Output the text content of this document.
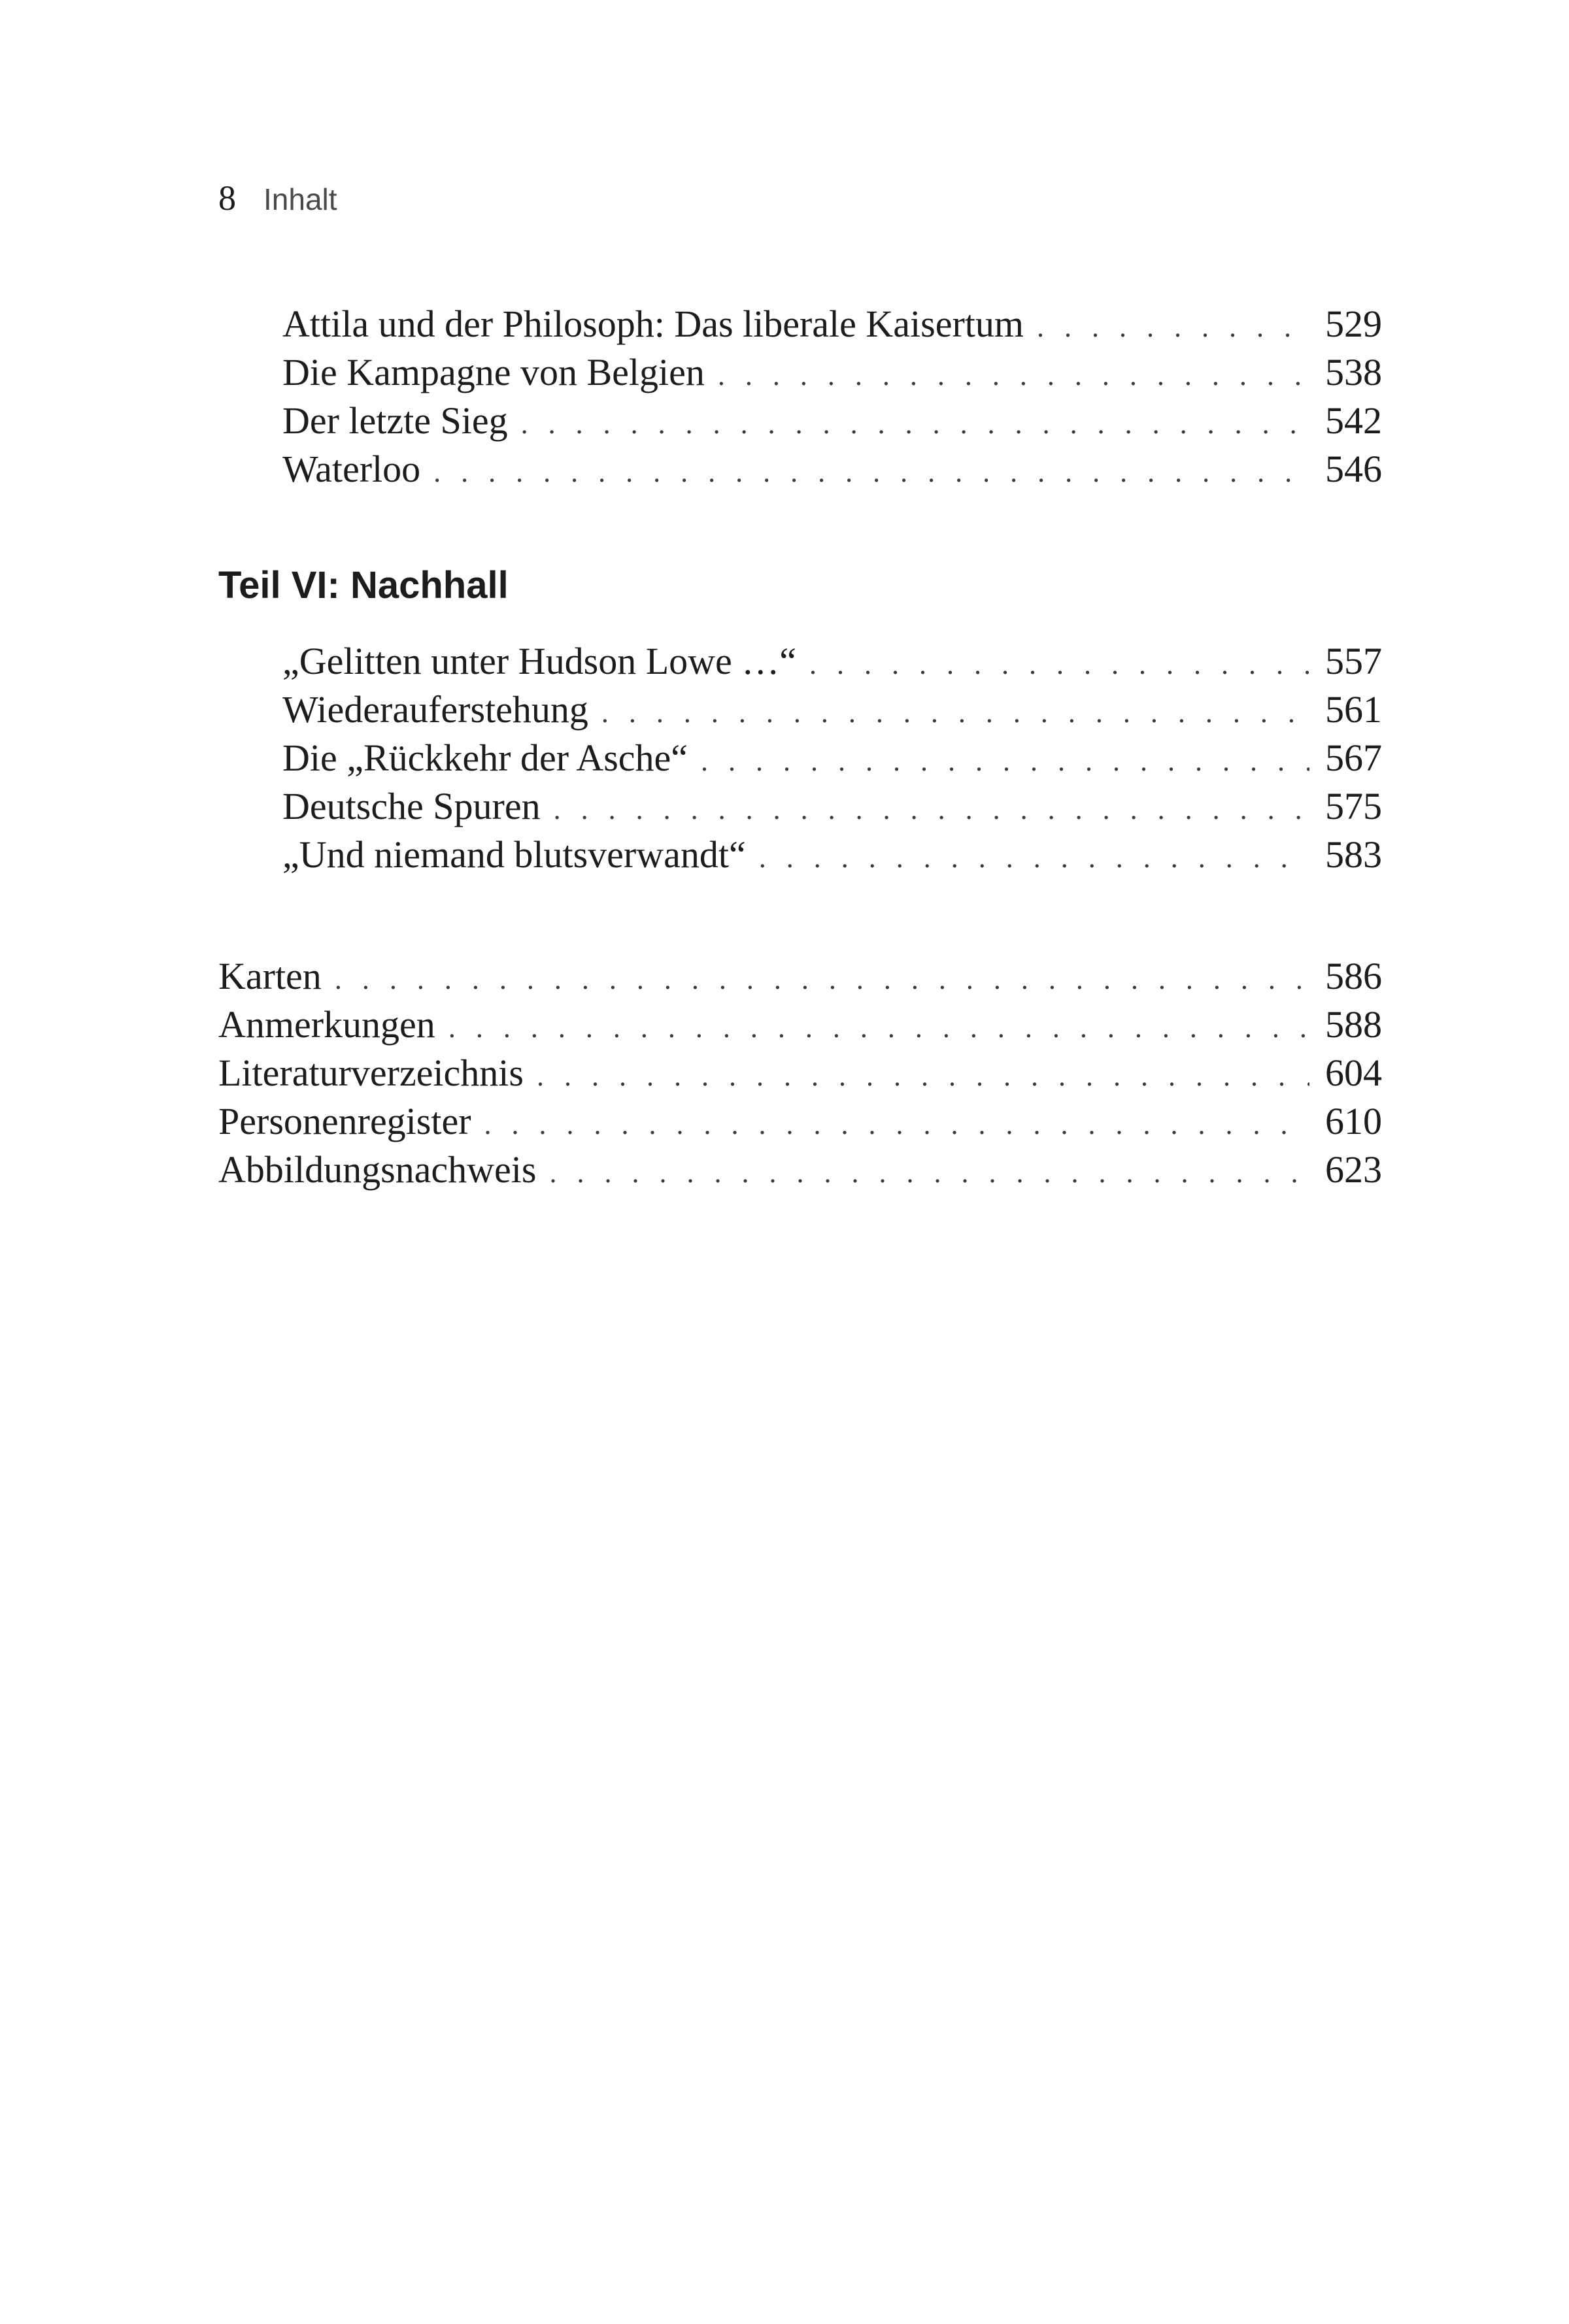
8 Inhalt
Attila und der Philosoph: Das liberale Kaisertum . . .	529
Die Kampagne von Belgien . . .	538
Der letzte Sieg . . .	542
Waterloo . . .	546
Teil VI: Nachhall
„Gelitten unter Hudson Lowe …“ . . .	557
Wiederauferstehung . . .	561
Die „Rückkehr der Asche“ . . .	567
Deutsche Spuren . . .	575
„Und niemand blutsverwandt“ . . .	583
Karten . . .	586
Anmerkungen . . .	588
Literaturverzeichnis . . .	604
Personenregister . . .	610
Abbildungsnachweis . . .	623
